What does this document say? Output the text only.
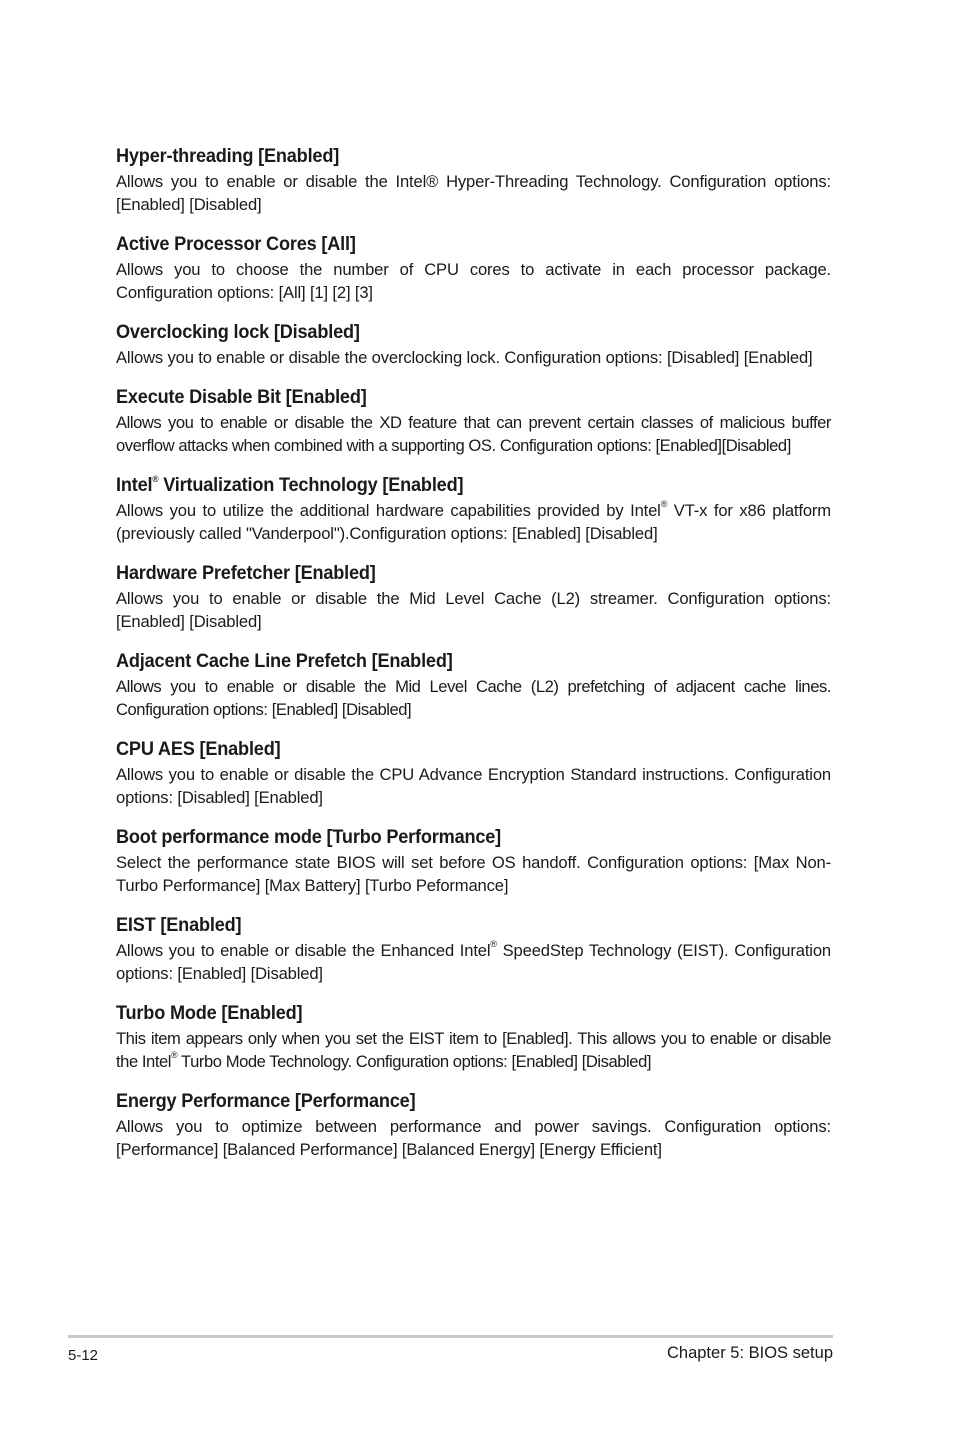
Hyper-threading [Enabled]

Allows you to enable or disable the Intel® Hyper-Threading Technology. Configuration options: [Enabled] [Disabled]

Active Processor Cores [All]

Allows you to choose the number of CPU cores to activate in each processor package. Configuration options: [All] [1] [2] [3]

Overclocking lock [Disabled]

Allows you to enable or disable the overclocking lock. Configuration options: [Disabled] [Enabled]

Execute Disable Bit [Enabled]

Allows you to enable or disable the XD feature that can prevent certain classes of malicious buffer overflow attacks when combined with a supporting OS. Configuration options: [Enabled][Disabled]

Intel® Virtualization Technology [Enabled]

Allows you to utilize the additional hardware capabilities provided by Intel® VT-x for x86 platform (previously called "Vanderpool").Configuration options: [Enabled] [Disabled]

Hardware Prefetcher [Enabled]

Allows you to enable or disable the Mid Level Cache (L2) streamer. Configuration options: [Enabled] [Disabled]

Adjacent Cache Line Prefetch [Enabled]

Allows you to enable or disable the Mid Level Cache (L2) prefetching of adjacent cache lines. Configuration options: [Enabled] [Disabled]

CPU AES [Enabled]

Allows you to enable or disable the CPU Advance Encryption Standard instructions. Configuration options: [Disabled] [Enabled]

Boot performance mode [Turbo Performance]

Select the performance state BIOS will set before OS handoff. Configuration options: [Max Non-Turbo Performance] [Max Battery] [Turbo Peformance]

EIST [Enabled]

Allows you to enable or disable the Enhanced Intel® SpeedStep Technology (EIST). Configuration options: [Enabled] [Disabled]

Turbo Mode [Enabled]

This item appears only when you set the EIST item to [Enabled]. This allows you to enable or disable the Intel® Turbo Mode Technology. Configuration options: [Enabled] [Disabled]

Energy Performance [Performance]

Allows you to optimize between performance and power savings. Configuration options: [Performance] [Balanced Performance] [Balanced Energy] [Energy Efficient]

5-12	Chapter 5: BIOS setup
